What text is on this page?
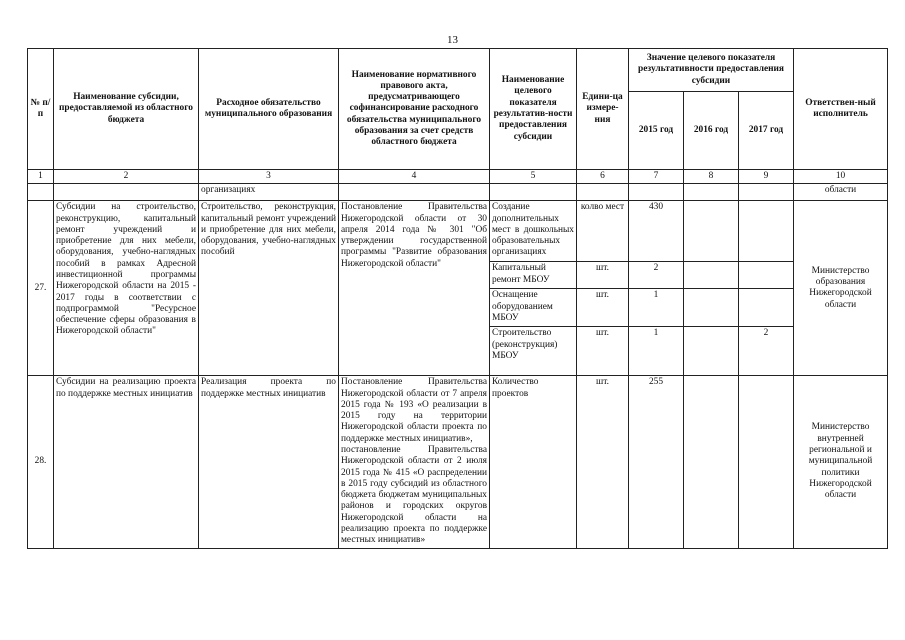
13
№ п/п	Наименование субсидии, предоставляемой из областного бюджета	Расходное обязательство муниципального образования	Наименование нормативного правового акта, предусматривающего софинансирование расходного обязательства муниципального образования за счет средств областного бюджета	Наименование целевого показателя результатив-ности предоставления субсидии	Едини-ца измере-ния	Значение целевого показателя результативности предоставления субсидии			Ответствен-ный исполнитель
						2015 год	2016 год	2017 год	
1	2	3	4	5	6	7	8	9	10
		организациях							области
27.	Субсидии на строительство, реконструкцию, капитальный ремонт учреждений и приобретение для них мебели, оборудования, учебно-наглядных пособий в рамках Адресной инвестиционной программы Нижегородской области на 2015 - 2017 годы в соответствии с подпрограммой "Ресурсное обеспечение сферы образования в Нижегородской области"	Строительство, реконструкция, капитальный ремонт учреждений и приобретение для них мебели, оборудования, учебно-наглядных пособий	Постановление Правительства Нижегородской области от 30 апреля 2014 года № 301 "Об утверждении государственной программы "Развитие образования Нижегородской области"	Создание дополнительных мест в дошкольных образовательных организациях	колво мест	430			Министерство образования Нижегородской области
				Капитальный ремонт МБОУ	шт.	2			
				Оснащение оборудованием МБОУ	шт.	1			
				Строительство (реконструкция) МБОУ	шт.	1		2	
28.	Субсидии на реализацию проекта по поддержке местных инициатив	Реализация проекта по поддержке местных инициатив	Постановление Правительства Нижегородской области от 7 апреля 2015 года № 193 «О реализации в 2015 году на территории Нижегородской области проекта по поддержке местных инициатив»,
постановление Правительства Нижегородской области от 2 июля 2015 года № 415 «О распределении в 2015 году субсидий из областного бюджета бюджетам муниципальных районов и городских округов Нижегородской области на реализацию проекта по поддержке местных инициатив»	Количество проектов	шт.	255			Министерство внутренней региональной и муниципальной политики Нижегородской области
